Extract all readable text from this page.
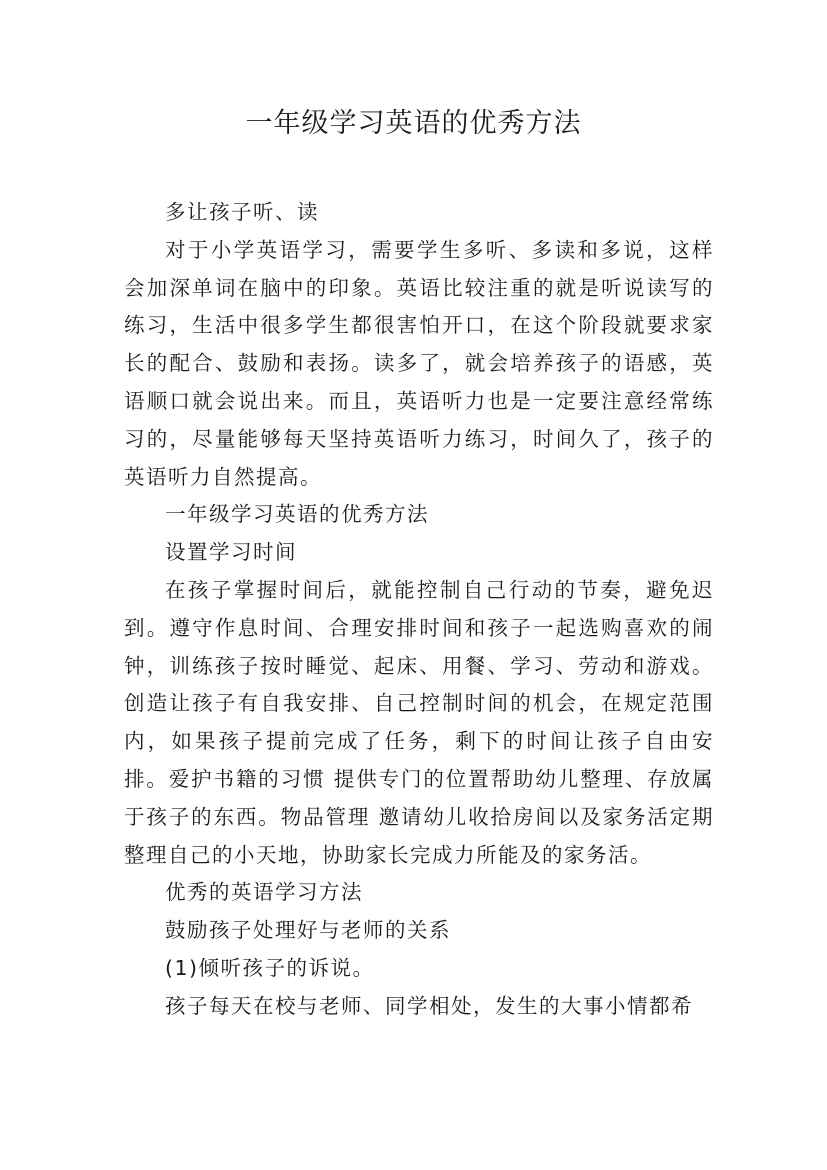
一年级学习英语的优秀方法

多让孩子听、读

对于小学英语学习，需要学生多听、多读和多说，这样会加深单词在脑中的印象。英语比较注重的就是听说读写的练习，生活中很多学生都很害怕开口，在这个阶段就要求家长的配合、鼓励和表扬。读多了，就会培养孩子的语感，英语顺口就会说出来。而且，英语听力也是一定要注意经常练习的，尽量能够每天坚持英语听力练习，时间久了，孩子的英语听力自然提高。

一年级学习英语的优秀方法

设置学习时间

在孩子掌握时间后，就能控制自己行动的节奏，避免迟到。遵守作息时间、合理安排时间和孩子一起选购喜欢的闹钟，训练孩子按时睡觉、起床、用餐、学习、劳动和游戏。创造让孩子有自我安排、自己控制时间的机会，在规定范围内，如果孩子提前完成了任务，剩下的时间让孩子自由安排。爱护书籍的习惯 提供专门的位置帮助幼儿整理、存放属于孩子的东西。物品管理 邀请幼儿收拾房间以及家务活定期整理自己的小天地，协助家长完成力所能及的家务活。

优秀的英语学习方法

鼓励孩子处理好与老师的关系

(1)倾听孩子的诉说。

孩子每天在校与老师、同学相处，发生的大事小情都希
